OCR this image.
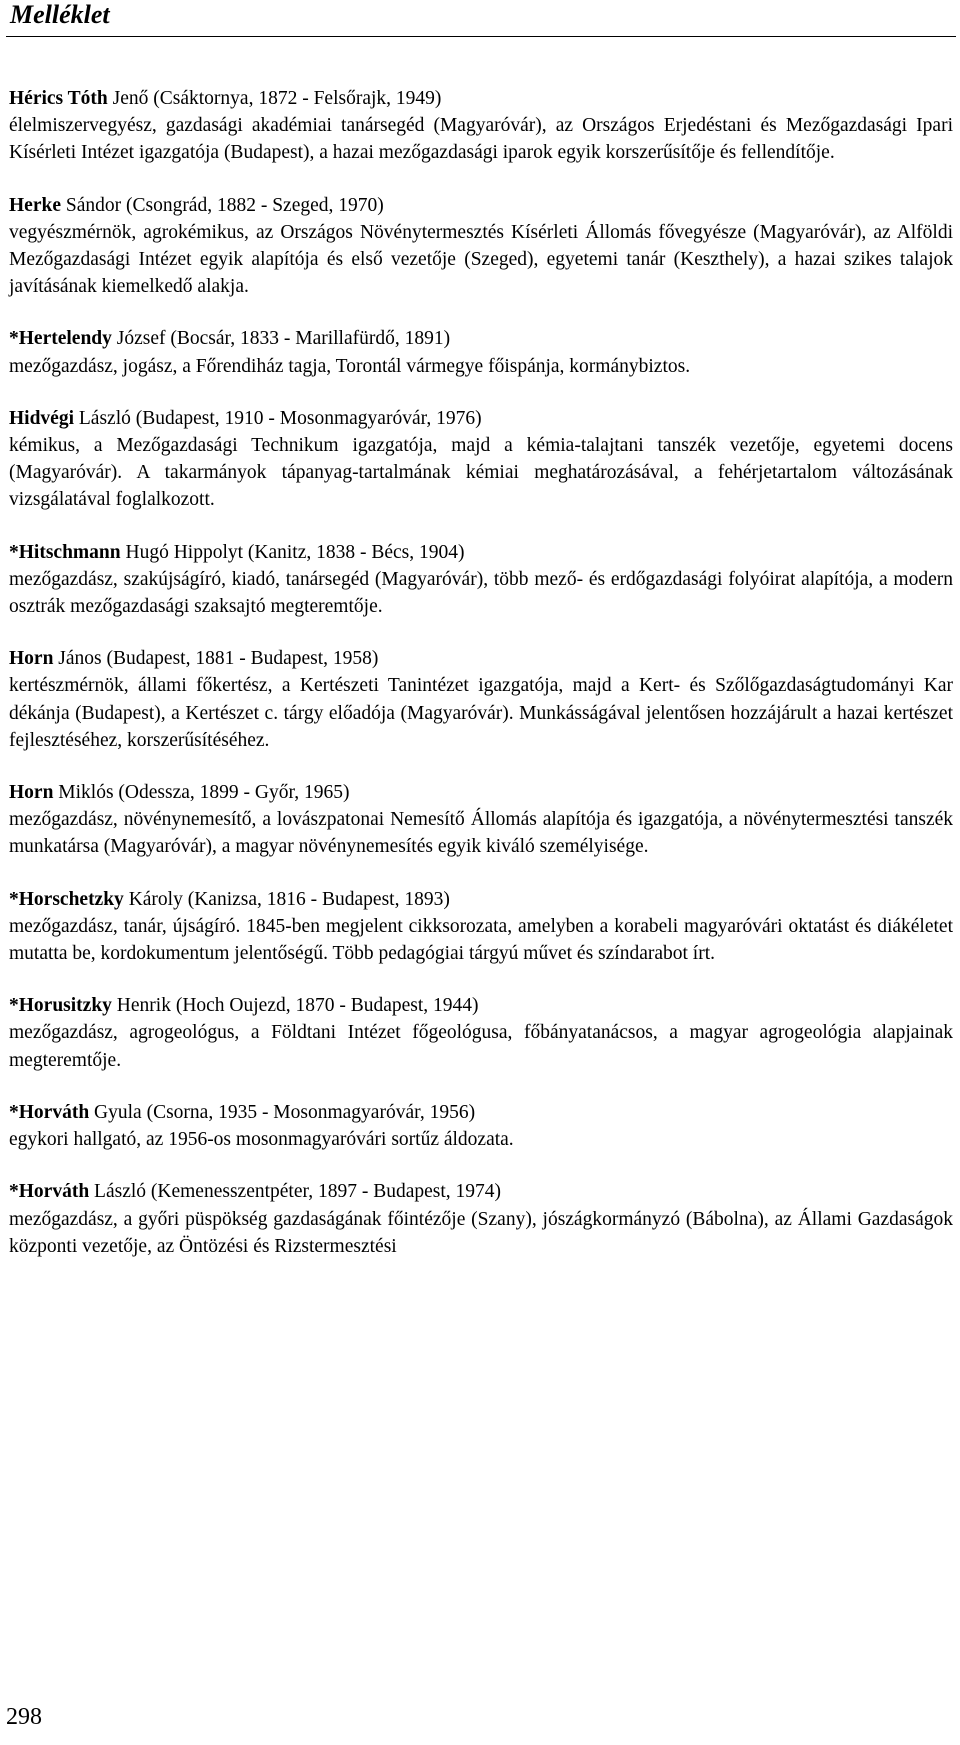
Melléklet

Hérics Tóth Jenő (Csáktornya, 1872 - Felsőrajk, 1949)

élelmiszervegyész, gazdasági akadémiai tanársegéd (Magyaróvár), az Országos Erjedéstani és Mezőgazdasági Ipari Kísérleti Intézet igazgatója (Budapest), a hazai mezőgazdasági iparok egyik korszerűsítője és fellendítője.

Herke Sándor (Csongrád, 1882 - Szeged, 1970)

vegyészmérnök, agrokémikus, az Országos Növénytermesztés Kísérleti Állomás fővegyésze (Magyaróvár), az Alföldi Mezőgazdasági Intézet egyik alapítója és első vezetője (Szeged), egyetemi tanár (Keszthely), a hazai szikes talajok javításának kiemelkedő alakja.

*Hertelendy József (Bocsár, 1833 - Marillafürdő, 1891)

mezőgazdász, jogász, a Főrendiház tagja, Torontál vármegye főispánja, kormánybiztos.

Hidvégi László (Budapest, 1910 - Mosonmagyaróvár, 1976)

kémikus, a Mezőgazdasági Technikum igazgatója, majd a kémia-talajtani tanszék vezetője, egyetemi docens (Magyaróvár). A takarmányok tápanyag-tartalmának kémiai meghatározásával, a fehérjetartalom változásának vizsgálatával foglalkozott.

*Hitschmann Hugó Hippolyt (Kanitz, 1838 - Bécs, 1904)

mezőgazdász, szakújságíró, kiadó, tanársegéd (Magyaróvár), több mező- és erdőgazdasági folyóirat alapítója, a modern osztrák mezőgazdasági szaksajtó megteremtője.

Horn János (Budapest, 1881 - Budapest, 1958)

kertészmérnök, állami főkertész, a Kertészeti Tanintézet igazgatója, majd a Kert- és Szőlőgazdaságtudományi Kar dékánja (Budapest), a Kertészet c. tárgy előadója (Magyaróvár). Munkásságával jelentősen hozzájárult a hazai kertészet fejlesztéséhez, korszerűsítéséhez.

Horn Miklós (Odessza, 1899 - Győr, 1965)

mezőgazdász, növénynemesítő, a lovászpatonai Nemesítő Állomás alapítója és igazgatója, a növénytermesztési tanszék munkatársa (Magyaróvár), a magyar növénynemesítés egyik kiváló személyisége.

*Horschetzky Károly (Kanizsa, 1816 - Budapest, 1893)

mezőgazdász, tanár, újságíró. 1845-ben megjelent cikksorozata, amelyben a korabeli magyaróvári oktatást és diákéletet mutatta be, kordokumentum jelentőségű. Több pedagógiai tárgyú művet és színdarabot írt.

*Horusitzky Henrik (Hoch Oujezd, 1870 - Budapest, 1944)

mezőgazdász, agrogeológus, a Földtani Intézet főgeológusa, főbányatanácsos, a magyar agrogeológia alapjainak megteremtője.

*Horváth Gyula (Csorna, 1935 - Mosonmagyaróvár, 1956)

egykori hallgató, az 1956-os mosonmagyaróvári sortűz áldozata.

*Horváth László (Kemenesszentpéter, 1897 - Budapest, 1974)

mezőgazdász, a győri püspökség gazdaságának főintézője (Szany), jószágkormányzó (Bábolna), az Állami Gazdaságok központi vezetője, az Öntözési és Rizstermesztési

298
